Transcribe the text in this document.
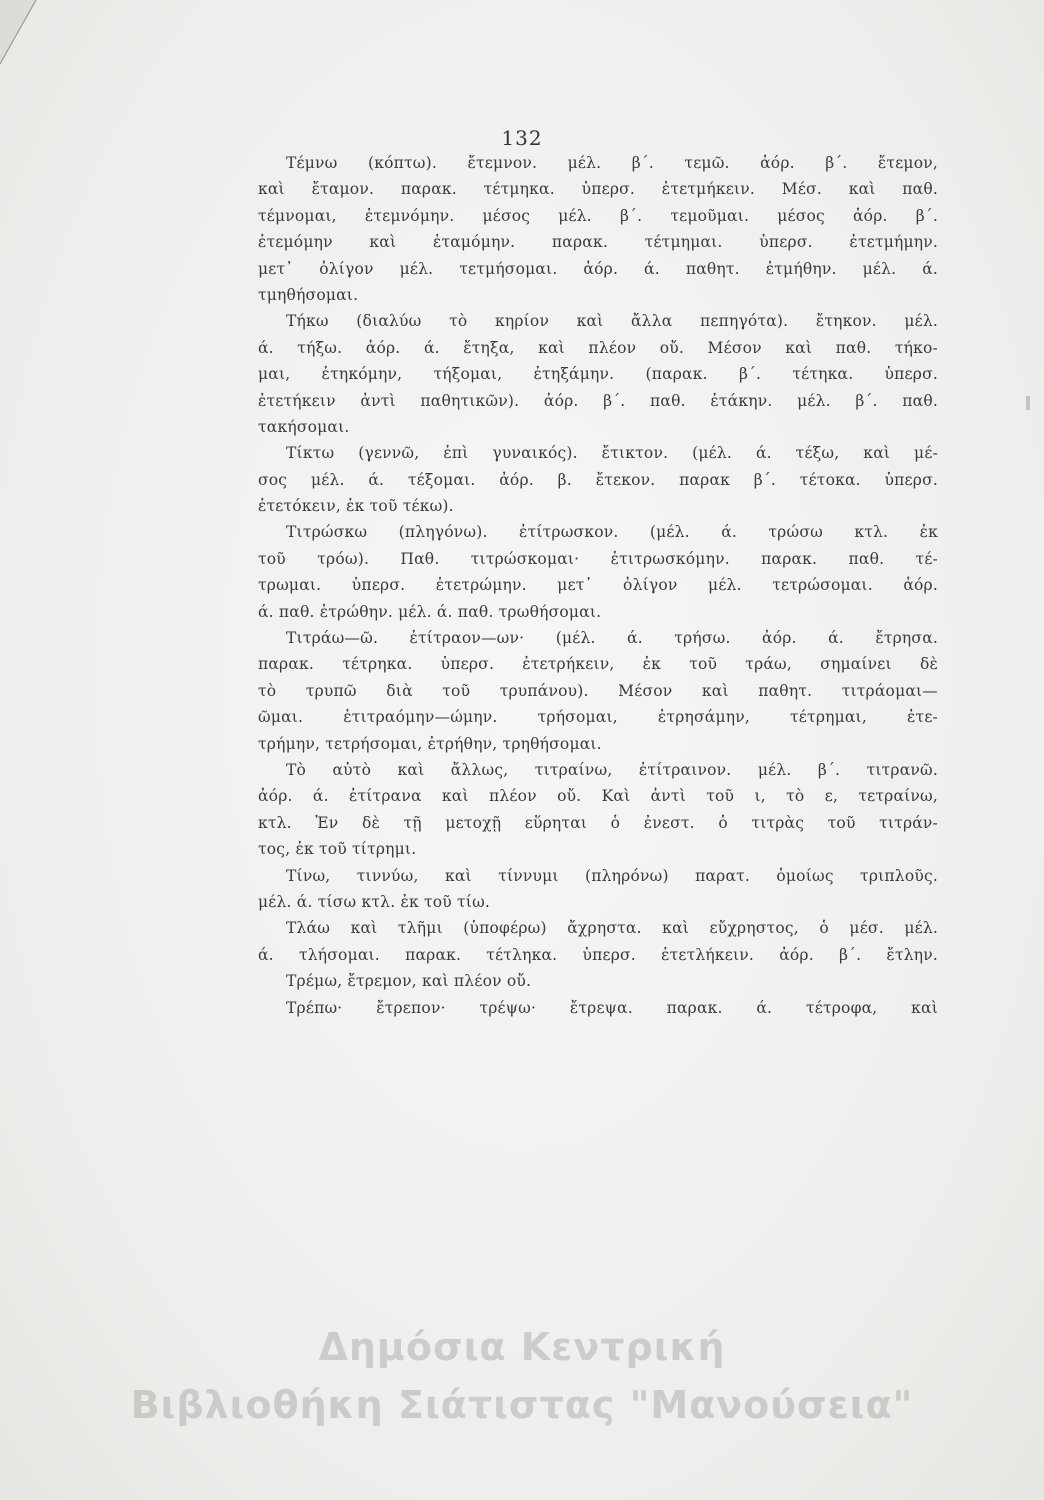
132
Τέμνω (κόπτω). ἔτεμνον. μέλ. β΄. τεμῶ. ἀόρ. β΄. ἔτεμον,
καὶ ἔταμον. παρακ. τέτμηκα. ὑπερσ. ἐτετμήκειν. Μέσ. καὶ παθ.
τέμνομαι, ἐτεμνόμην. μέσος μέλ. β΄. τεμοῦμαι. μέσος ἀόρ. β΄.
ἐτεμόμην καὶ ἐταμόμην. παρακ. τέτμημαι. ὑπερσ. ἐτετμήμην.
μετ᾽ ὀλίγον μέλ. τετμήσομαι. ἀόρ. ά. παθητ. ἐτμήθην. μέλ. ά.
τμηθήσομαι.
Τήκω (διαλύω τὸ κηρίον καὶ ἄλλα πεπηγότα). ἔτηκον. μέλ.
ά. τήξω. ἀόρ. ά. ἔτηξα, καὶ πλέον οὔ. Μέσον καὶ παθ. τήκο-
μαι, ἐτηκόμην, τήξομαι, ἐτηξάμην. (παρακ. β΄. τέτηκα. ὑπερσ.
ἐτετήκειν ἀντὶ παθητικῶν). ἀόρ. β΄. παθ. ἐτάκην. μέλ. β΄. παθ.
τακήσομαι.
Τίκτω (γεννῶ, ἐπὶ γυναικός). ἔτικτον. (μέλ. ά. τέξω, καὶ μέ-
σος μέλ. ά. τέξομαι. ἀόρ. β. ἔτεκον. παρακ β΄. τέτοκα. ὑπερσ.
ἐτετόκειν, ἐκ τοῦ τέκω).
Τιτρώσκω (πληγόνω). ἐτίτρωσκον. (μέλ. ά. τρώσω κτλ. ἐκ
τοῦ τρόω). Παθ. τιτρώσκομαι· ἐτιτρωσκόμην. παρακ. παθ. τέ-
τρωμαι. ὑπερσ. ἐτετρώμην. μετ᾽ ὀλίγον μέλ. τετρώσομαι. ἀόρ.
ά. παθ. ἐτρώθην. μέλ. ά. παθ. τρωθήσομαι.
Τιτράω—ῶ. ἐτίτραον—ων· (μέλ. ά. τρήσω. ἀόρ. ά. ἔτρησα.
παρακ. τέτρηκα. ὑπερσ. ἐτετρήκειν, ἐκ τοῦ τράω, σημαίνει δὲ
τὸ τρυπῶ διὰ τοῦ τρυπάνου). Μέσον καὶ παθητ. τιτράομαι—
ῶμαι. ἐτιτραόμην—ώμην. τρήσομαι, ἐτρησάμην, τέτρημαι, ἐτε-
τρήμην, τετρήσομαι, ἐτρήθην, τρηθήσομαι.
Τὸ αὐτὸ καὶ ἄλλως, τιτραίνω, ἐτίτραινον. μέλ. β΄. τιτρανῶ.
ἀόρ. ά. ἐτίτρανα καὶ πλέον οὔ. Καὶ ἀντὶ τοῦ ι, τὸ ε, τετραίνω,
κτλ. Ἐν δὲ τῇ μετοχῇ εὕρηται ὁ ἐνεστ. ὁ τιτρὰς τοῦ τιτράν-
τος, ἐκ τοῦ τίτρημι.
Τίνω, τιννύω, καὶ τίννυμι (πληρόνω) παρατ. ὁμοίως τριπλοῦς.
μέλ. ά. τίσω κτλ. ἐκ τοῦ τίω.
Τλάω καὶ τλῆμι (ὑποφέρω) ἄχρηστα. καὶ εὔχρηστος, ὁ μέσ. μέλ.
ά. τλήσομαι. παρακ. τέτληκα. ὑπερσ. ἐτετλήκειν. ἀόρ. β΄. ἔτλην.
Τρέμω, ἔτρεμον, καὶ πλέον οὔ.
Τρέπω· ἔτρεπον· τρέψω· ἔτρεψα. παρακ. ά. τέτροφα, καὶ
Δημόσια Κεντρική
Βιβλιοθήκη Σιάτιστας "Μανούσεια"
